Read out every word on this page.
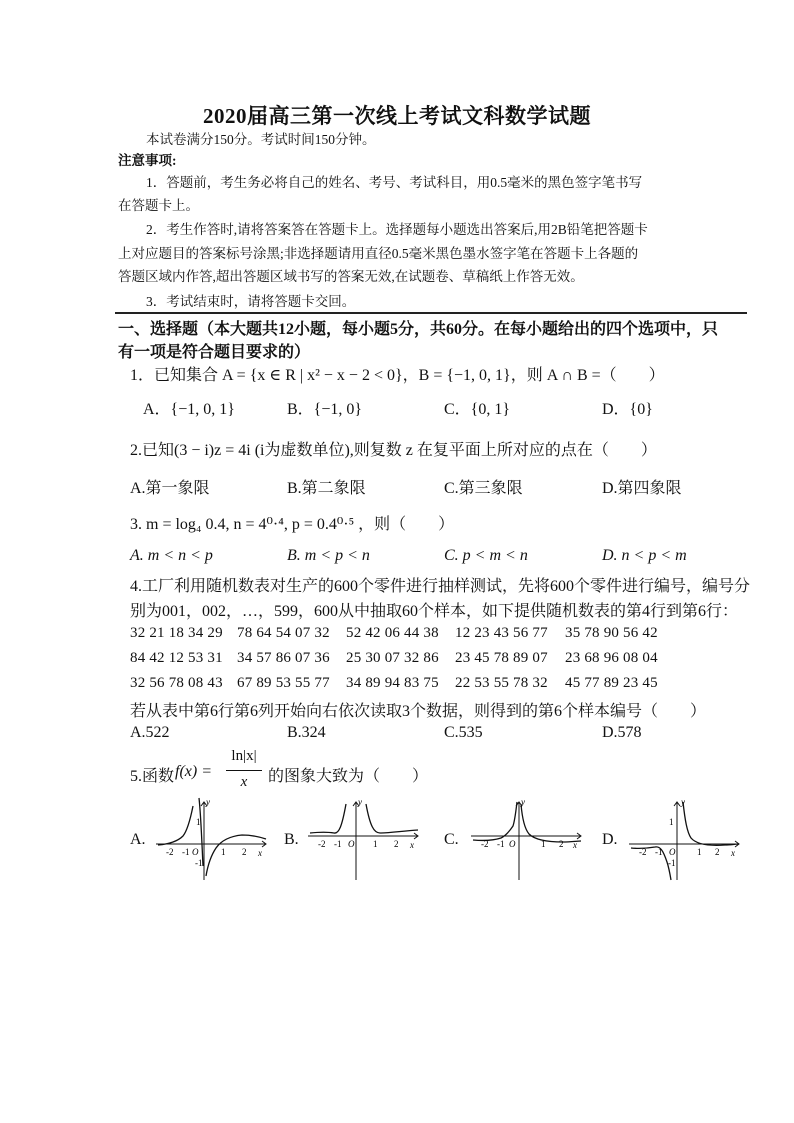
2020届高三第一次线上考试文科数学试题
本试卷满分150分。考试时间150分钟。
注意事项:
1．答题前，考生务必将自己的姓名、考号、考试科目，用0.5毫米的黑色签字笔书写
在答题卡上。
2．考生作答时,请将答案答在答题卡上。选择题每小题选出答案后,用2B铅笔把答题卡
上对应题目的答案标号涂黑;非选择题请用直径0.5毫米黑色墨水签字笔在答题卡上各题的
答题区域内作答,超出答题区域书写的答案无效,在试题卷、草稿纸上作答无效。
3．考试结束时，请将答题卡交回。
一、选择题（本大题共12小题，每小题5分，共60分。在每小题给出的四个选项中，只
有一项是符合题目要求的）
1．已知集合 A = {x ∈ R | x² − x − 2 < 0}，B = {−1, 0, 1}，则 A ∩ B =（　　）
A．{−1, 0, 1}	B．{−1, 0}	C．{0, 1}	D．{0}
2.已知(3 − i)z = 4i (i为虚数单位),则复数 z 在复平面上所对应的点在（　　）
A.第一象限	B.第二象限	C.第三象限	D.第四象限
3. m = log₄ 0.4, n = 4⁰·⁴, p = 0.4⁰·⁵ ，则（　　）
A. m < n < p	B. m < p < n	C. p < m < n	D. n < p < m
4.工厂利用随机数表对生产的600个零件进行抽样测试，先将600个零件进行编号，编号分
别为001，002，…，599，600从中抽取60个样本，如下提供随机数表的第4行到第6行：
32 21 18 34 29 78 64 54 07 32 52 42 06 44 38 12 23 43 56 77 35 78 90 56 42
84 42 12 53 31 34 57 86 07 36 25 30 07 32 86 23 45 78 89 07 23 68 96 08 04
32 56 78 08 43 67 89 53 55 77 34 89 94 83 75 22 53 55 78 32 45 77 89 23 45
若从表中第6行第6列开始向右依次读取3个数据，则得到的第6个样本编号（　　）
A.522	B.324	C.535	D.578
5.函数 f(x) =
ln|x|
x	的图象大致为（　　）
A.	B.	C.	D.
-2 -1 O	1 2 x
y
1
-1
-2 -1 O 1 2 x
y
-2 -1 O	1 2 x
y
-2 -1 O 1 2 x
y
1
-1
